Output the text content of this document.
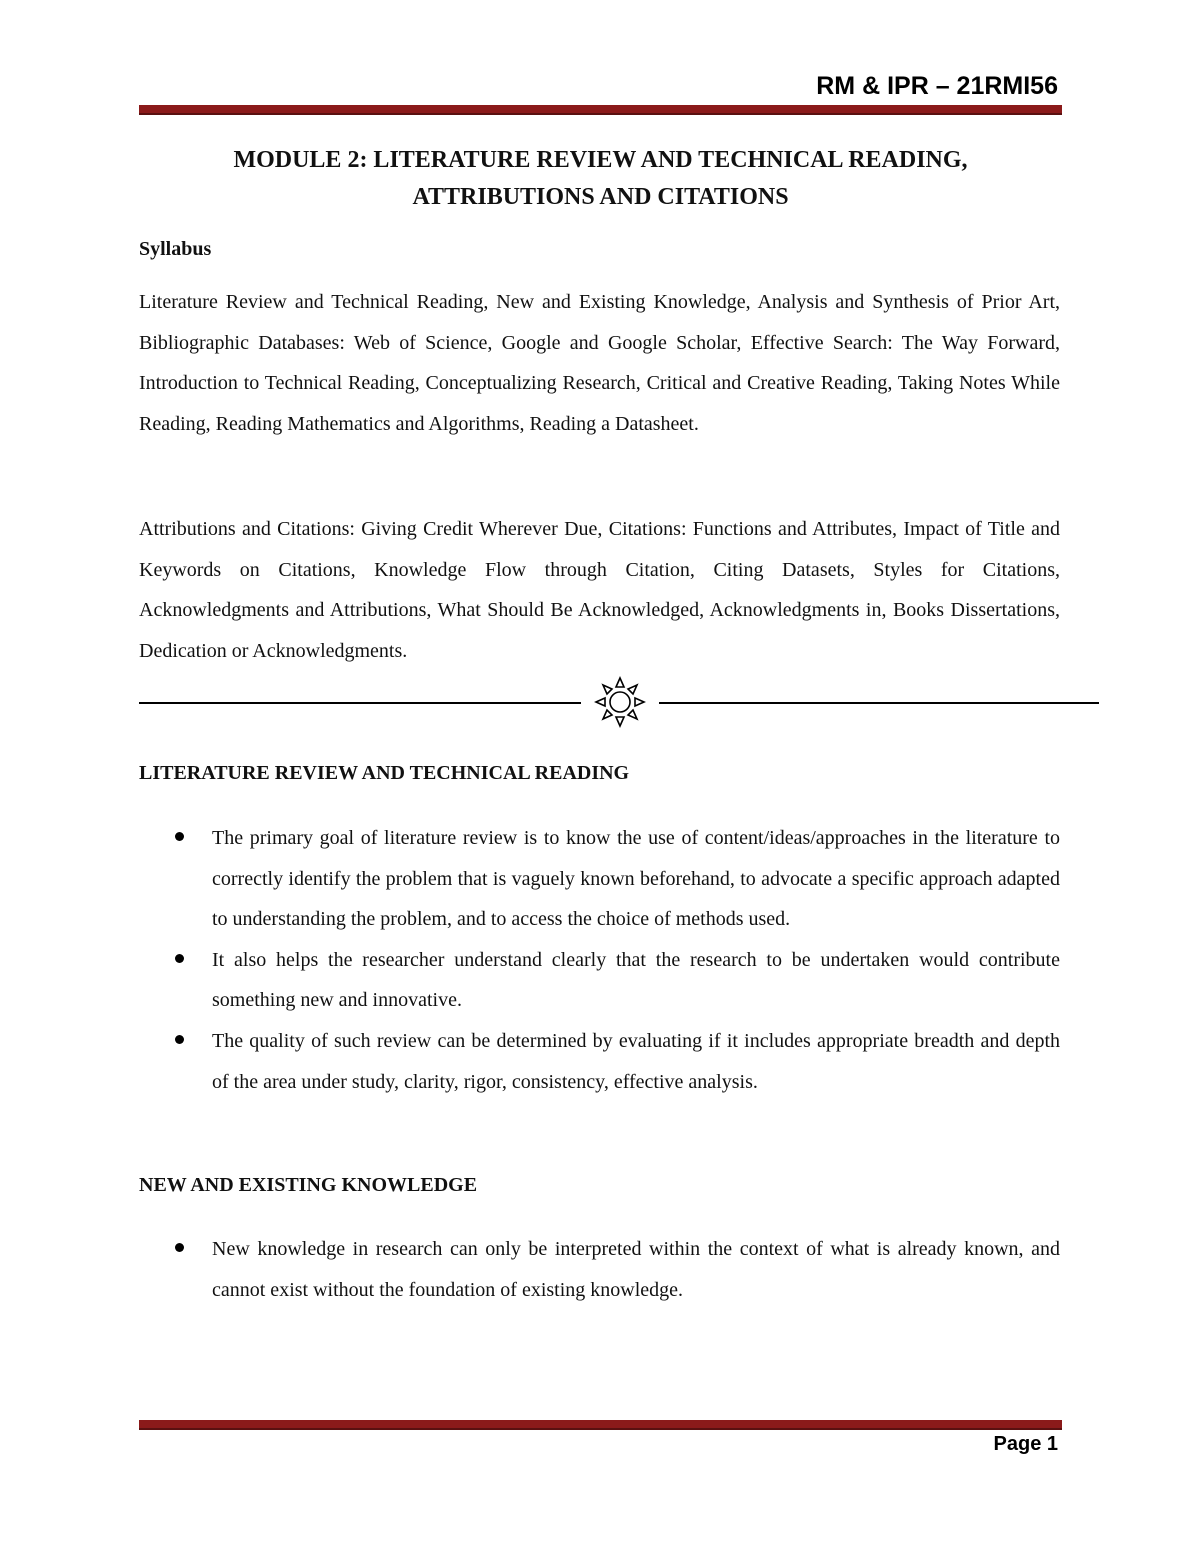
RM & IPR – 21RMI56
MODULE 2: LITERATURE REVIEW AND TECHNICAL READING,
ATTRIBUTIONS AND CITATIONS
Syllabus

Literature Review and Technical Reading, New and Existing Knowledge, Analysis and Synthesis of Prior Art, Bibliographic Databases: Web of Science, Google and Google Scholar, Effective Search: The Way Forward, Introduction to Technical Reading, Conceptualizing Research, Critical and Creative Reading, Taking Notes While Reading, Reading Mathematics and Algorithms, Reading a Datasheet.

Attributions and Citations: Giving Credit Wherever Due, Citations: Functions and Attributes, Impact of Title and Keywords on Citations, Knowledge Flow through Citation, Citing Datasets, Styles for Citations, Acknowledgments and Attributions, What Should Be Acknowledged, Acknowledgments in, Books Dissertations, Dedication or Acknowledgments.

LITERATURE REVIEW AND TECHNICAL READING
The primary goal of literature review is to know the use of content/ideas/approaches in the literature to correctly identify the problem that is vaguely known beforehand, to advocate a specific approach adapted to understanding the problem, and to access the choice of methods used.
It also helps the researcher understand clearly that the research to be undertaken would contribute something new and innovative.
The quality of such review can be determined by evaluating if it includes appropriate breadth and depth of the area under study, clarity, rigor, consistency, effective analysis.
NEW AND EXISTING KNOWLEDGE
New knowledge in research can only be interpreted within the context of what is already known, and cannot exist without the foundation of existing knowledge.
Page 1
